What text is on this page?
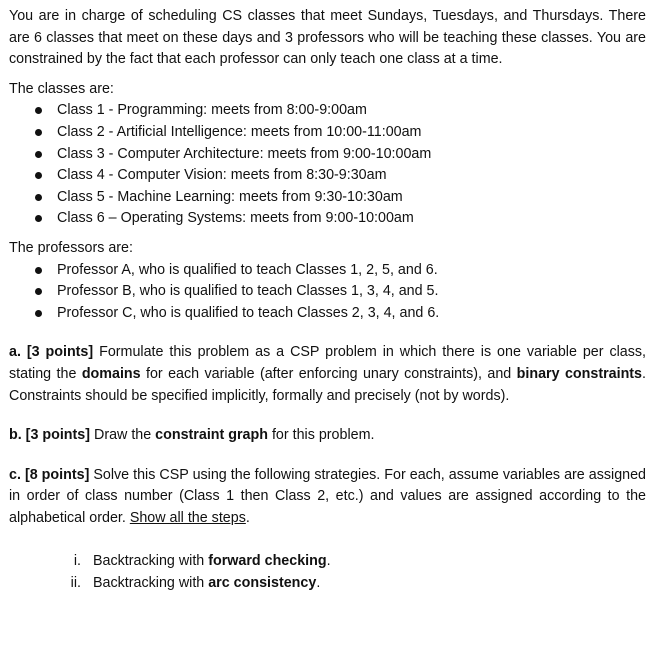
You are in charge of scheduling CS classes that meet Sundays, Tuesdays, and Thursdays. There are 6 classes that meet on these days and 3 professors who will be teaching these classes. You are constrained by the fact that each professor can only teach one class at a time.

The classes are:

Class 1 - Programming: meets from 8:00-9:00am
Class 2 - Artificial Intelligence: meets from 10:00-11:00am
Class 3 - Computer Architecture: meets from 9:00-10:00am
Class 4 - Computer Vision: meets from 8:30-9:30am
Class 5 - Machine Learning: meets from 9:30-10:30am
Class 6 – Operating Systems: meets from 9:00-10:00am

The professors are:

Professor A, who is qualified to teach Classes 1, 2, 5, and 6.
Professor B, who is qualified to teach Classes 1, 3, 4, and 5.
Professor C, who is qualified to teach Classes 2, 3, 4, and 6.

a. [3 points] Formulate this problem as a CSP problem in which there is one variable per class, stating the domains for each variable (after enforcing unary constraints), and binary constraints. Constraints should be specified implicitly, formally and precisely (not by words).

b. [3 points] Draw the constraint graph for this problem.

c. [8 points] Solve this CSP using the following strategies. For each, assume variables are assigned in order of class number (Class 1 then Class 2, etc.) and values are assigned according to the alphabetical order. Show all the steps.

i. Backtracking with forward checking.
ii. Backtracking with arc consistency.
